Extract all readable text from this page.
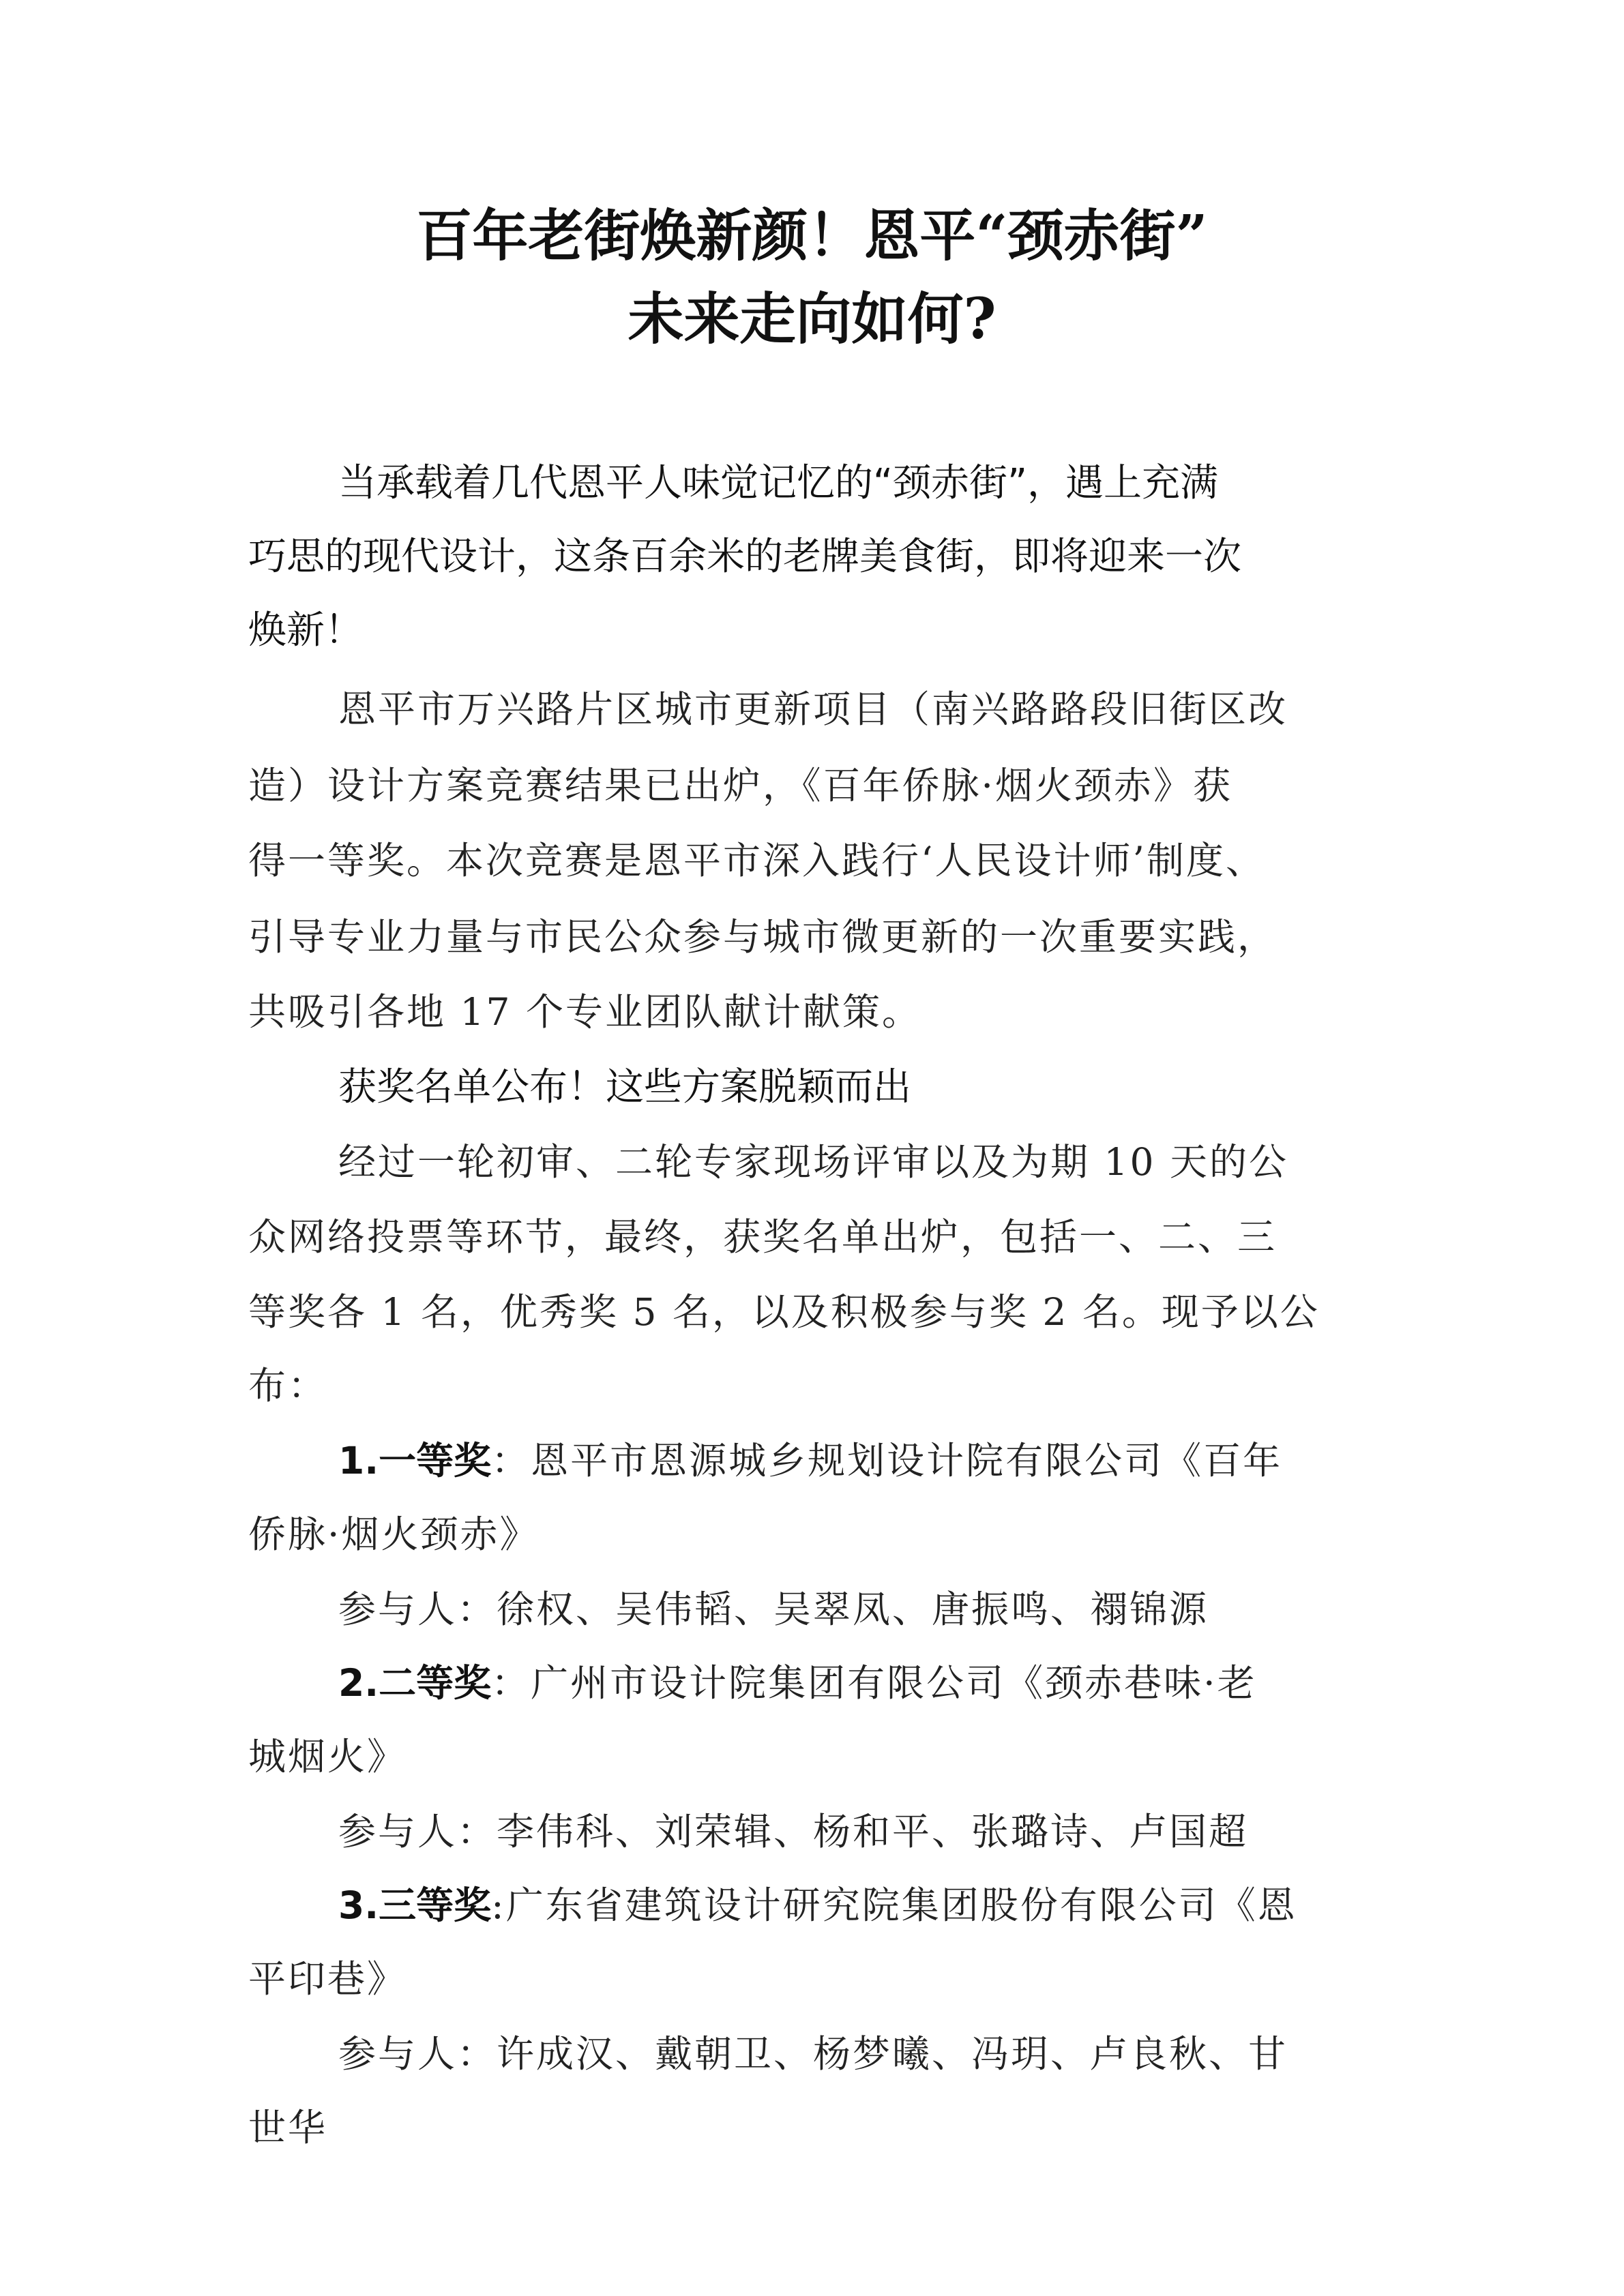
百年老街焕新颜！恩平“颈赤街”
未来走向如何?
当承载着几代恩平人味觉记忆的“颈赤街”，遇上充满
巧思的现代设计，这条百余米的老牌美食街，即将迎来一次
焕新！
恩平市万兴路片区城市更新项目（南兴路路段旧街区改
造）设计方案竞赛结果已出炉，《百年侨脉·烟火颈赤》获
得一等奖。本次竞赛是恩平市深入践行‘人民设计师’制度、
引导专业力量与市民公众参与城市微更新的一次重要实践，
共吸引各地 17 个专业团队献计献策。
获奖名单公布！这些方案脱颖而出
经过一轮初审、二轮专家现场评审以及为期 10 天的公
众网络投票等环节，最终，获奖名单出炉，包括一、二、三
等奖各 1 名，优秀奖 5 名，以及积极参与奖 2 名。现予以公
布：
1.一等奖：恩平市恩源城乡规划设计院有限公司《百年
侨脉·烟火颈赤》
参与人：徐权、吴伟韬、吴翠凤、唐振鸣、禤锦源
2.二等奖：广州市设计院集团有限公司《颈赤巷味·老
城烟火》
参与人：李伟科、刘荣辑、杨和平、张璐诗、卢国超
3.三等奖:广东省建筑设计研究院集团股份有限公司《恩
平印巷》
参与人：许成汉、戴朝卫、杨梦曦、冯玥、卢良秋、甘
世华
